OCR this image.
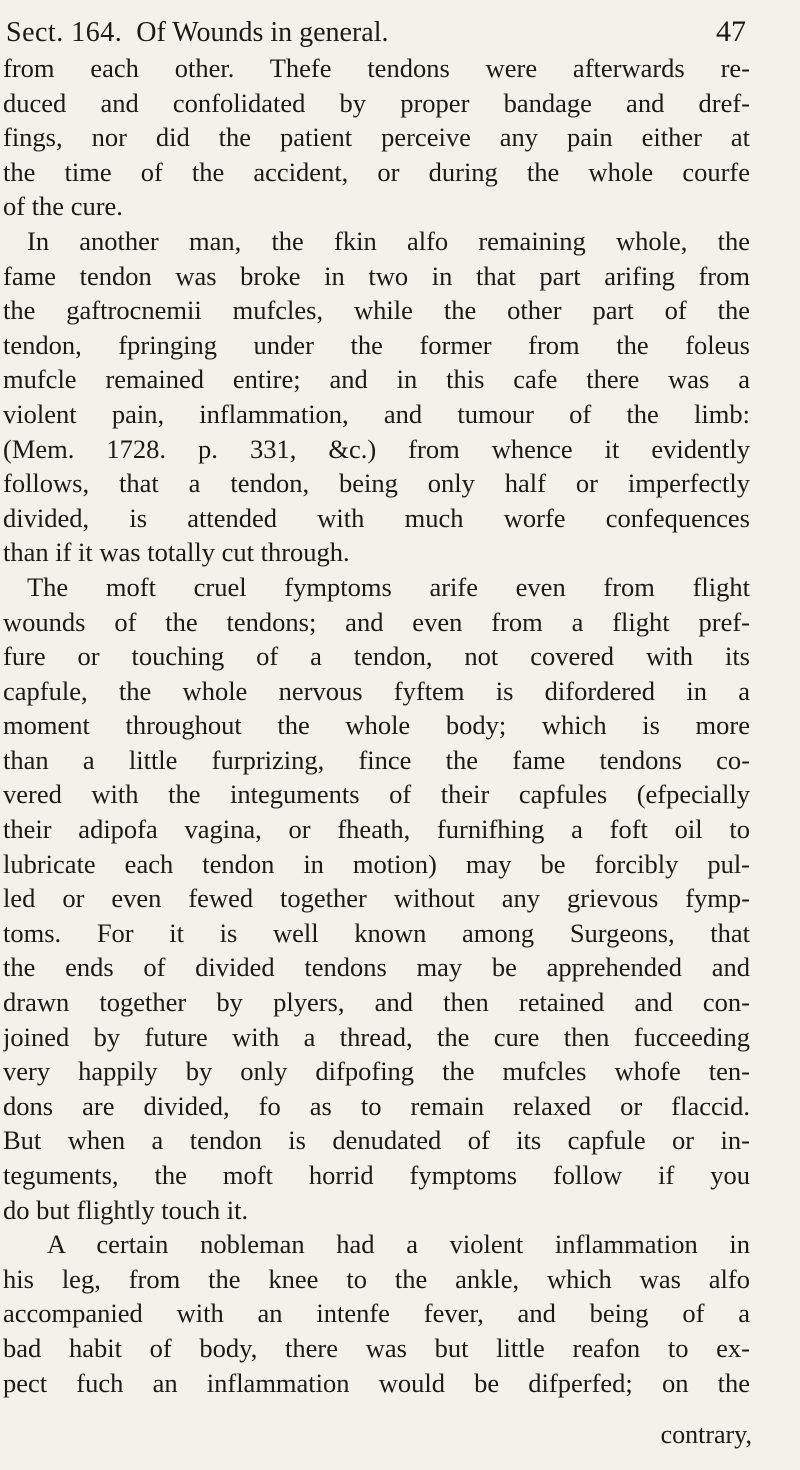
Sect. 164. Of Wounds in general.	47
from each other. Thefe tendons were afterwards re-
duced and confolidated by proper bandage and dref-
fings, nor did the patient perceive any pain either at
the time of the accident, or during the whole courfe
of the cure.
In another man, the fkin alfo remaining whole, the
fame tendon was broke in two in that part arifing from
the gaftrocnemii mufcles, while the other part of the
tendon, fpringing under the former from the foleus
mufcle remained entire; and in this cafe there was a
violent pain, inflammation, and tumour of the limb:
(Mem. 1728. p. 331, &c.) from whence it evidently
follows, that a tendon, being only half or imperfectly
divided, is attended with much worfe confequences
than if it was totally cut through.
The moft cruel fymptoms arife even from flight
wounds of the tendons; and even from a flight pref-
fure or touching of a tendon, not covered with its
capfule, the whole nervous fyftem is difordered in a
moment throughout the whole body; which is more
than a little furprizing, fince the fame tendons co-
vered with the integuments of their capfules (efpecially
their adipofa vagina, or fheath, furnifhing a foft oil to
lubricate each tendon in motion) may be forcibly pul-
led or even fewed together without any grievous fymp-
toms. For it is well known among Surgeons, that
the ends of divided tendons may be apprehended and
drawn together by plyers, and then retained and con-
joined by future with a thread, the cure then fucceeding
very happily by only difpofing the mufcles whofe ten-
dons are divided, fo as to remain relaxed or flaccid.
But when a tendon is denudated of its capfule or in-
teguments, the moft horrid fymptoms follow if you
do but flightly touch it.
A certain nobleman had a violent inflammation in
his leg, from the knee to the ankle, which was alfo
accompanied with an intenfe fever, and being of a
bad habit of body, there was but little reafon to ex-
pect fuch an inflammation would be difperfed; on the
contrary,
